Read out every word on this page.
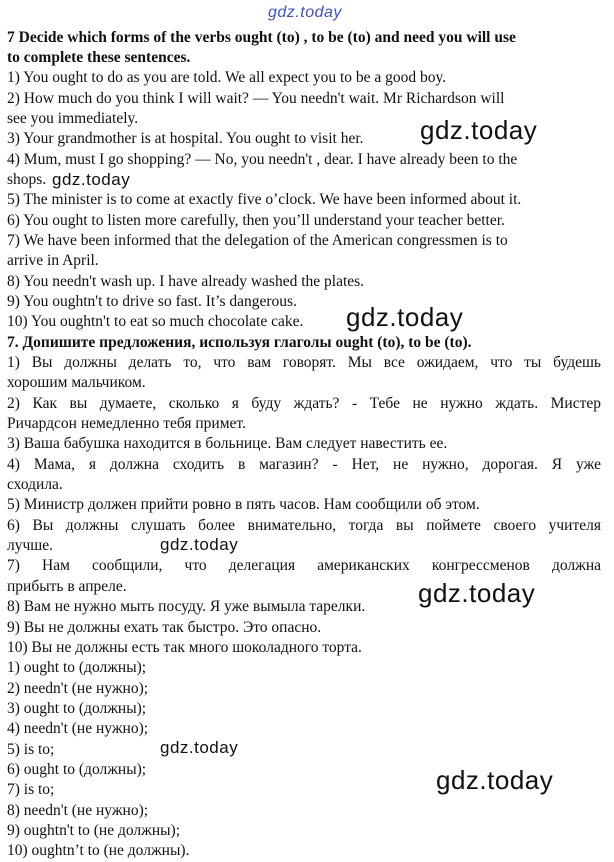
gdz.today
7 Decide which forms of the verbs ought (to) , to be (to) and need you will use
to complete these sentences.
1) You ought to do as you are told. We all expect you to be a good boy.
2) How much do you think I will wait? — You needn't wait. Mr Richardson will
see you immediately.
3) Your grandmother is at hospital. You ought to visit her.
4) Mum, must I go shopping? — No, you needn't , dear. I have already been to the
shops.
5) The minister is to come at exactly five o’clock. We have been informed about it.
6) You ought to listen more carefully, then you’ll understand your teacher better.
7) We have been informed that the delegation of the American congressmen is to
arrive in April.
8) You needn't wash up. I have already washed the plates.
9) You oughtn't to drive so fast. It’s dangerous.
10) You oughtn't to eat so much chocolate cake.
7. Допишите предложения, используя глаголы ought (to), to be (to).
1) Вы должны делать то, что вам говорят. Мы все ожидаем, что ты будешь
хорошим мальчиком.
2) Как вы думаете, сколько я буду ждать? - Тебе не нужно ждать. Мистер
Ричардсон немедленно тебя примет.
3) Ваша бабушка находится в больнице. Вам следует навестить ее.
4) Мама, я должна сходить в магазин? - Нет, не нужно, дорогая. Я уже
сходила.
5) Министр должен прийти ровно в пять часов. Нам сообщили об этом.
6) Вы должны слушать более внимательно, тогда вы поймете своего учителя
лучше.
7) Нам сообщили, что делегация американских конгрессменов должна
прибыть в апреле.
8) Вам не нужно мыть посуду. Я уже вымыла тарелки.
9) Вы не должны ехать так быстро. Это опасно.
10) Вы не должны есть так много шоколадного торта.
1) ought to (должны);
2) needn't (не нужно);
3) ought to (должны);
4) needn't (не нужно);
5) is to;
6) ought to (должны);
7) is to;
8) needn't (не нужно);
9) oughtn't to (не должны);
10) oughtn’t to (не должны).
gdz.today
gdz.today
gdz.today
gdz.today
gdz.today
gdz.today
gdz.today
